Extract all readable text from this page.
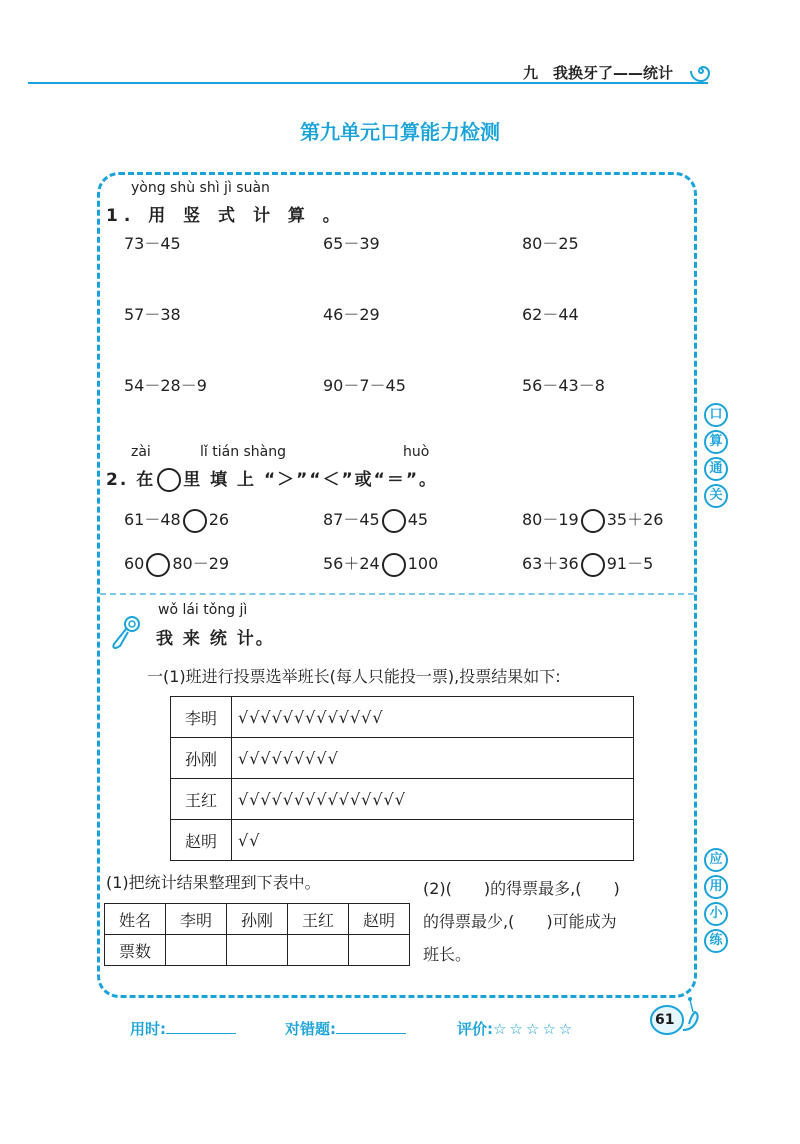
九　我换牙了——统计
第九单元口算能力检测
yòng shù shì jì suàn
1. 用 竖 式 计 算 。
73－45	65－39	80－25
57－38	46－29	62－44
54－28－9	90－7－45	56－43－8
zài	lǐ tián shàng	huò
2. 在 里 填 上 “＞”“＜”或“＝”。
61－48 26	87－45 45	80－19 35＋26
60 80－29	56＋24 100	63＋36 91－5
口
算
通
关
应
用
小
练
wǒ lái tǒng jì
我 来 统 计。
一(1)班进行投票选举班长(每人只能投一票),投票结果如下:
李明	√√√√√√√√√√√√√
孙刚	√√√√√√√√√
王红	√√√√√√√√√√√√√√√
赵明	√√
(1)把统计结果整理到下表中。
姓名	李明	孙刚	王红	赵明
票数				
(2)(　　)的得票最多,(　　)
的得票最少,(　　)可能成为
班长。
用时:	对错题:	评价:☆☆☆☆☆	61
